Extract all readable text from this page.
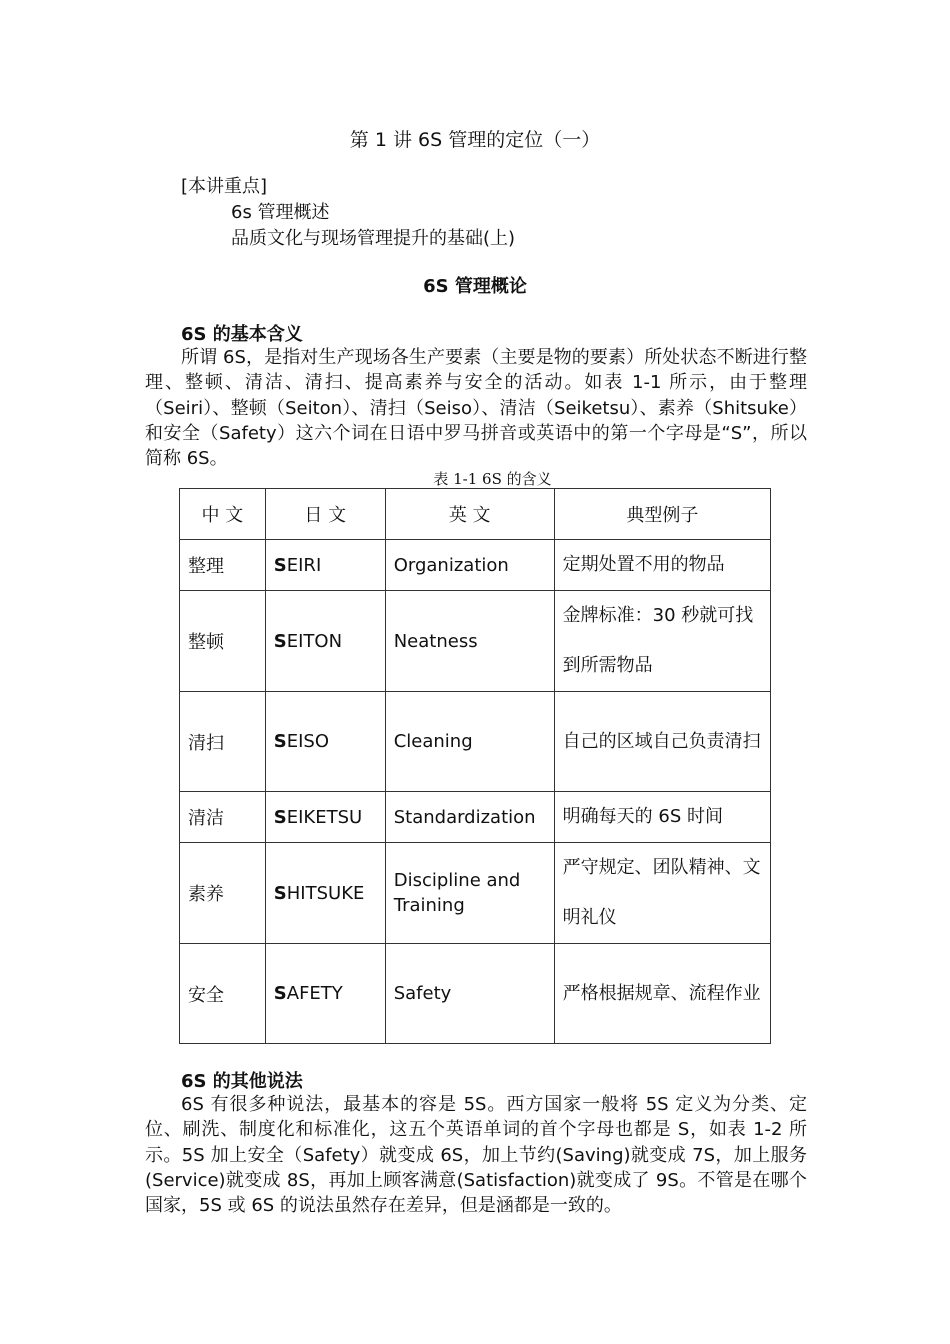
第 1 讲 6S 管理的定位（一）
[本讲重点]
6s 管理概述
品质文化与现场管理提升的基础(上)
6S 管理概论
6S 的基本含义

所谓 6S，是指对生产现场各生产要素（主要是物的要素）所处状态不断进行整理、整顿、清洁、清扫、提高素养与安全的活动。如表 1-1 所示，由于整理（Seiri）、整顿（Seiton）、清扫（Seiso）、清洁（Seiketsu）、素养（Shitsuke）和安全（Safety）这六个词在日语中罗马拼音或英语中的第一个字母是“S”，所以简称 6S。

表 1-1 6S 的含义
中 文	日 文	英 文	典型例子
整理	SEIRI	Organization	定期处置不用的物品
整顿	SEITON	Neatness	金牌标准：30 秒就可找到所需物品
清扫	SEISO	Cleaning	自己的区域自己负责清扫
清洁	SEIKETSU	Standardization	明确每天的 6S 时间
素养	SHITSUKE	Discipline and Training	严守规定、团队精神、文明礼仪
安全	SAFETY	Safety	严格根据规章、流程作业
6S 的其他说法

6S 有很多种说法，最基本的容是 5S。西方国家一般将 5S 定义为分类、定位、刷洗、制度化和标准化，这五个英语单词的首个字母也都是 S，如表 1-2 所示。5S 加上安全（Safety）就变成 6S，加上节约(Saving)就变成 7S，加上服务(Service)就变成 8S，再加上顾客满意(Satisfaction)就变成了 9S。不管是在哪个国家，5S 或 6S 的说法虽然存在差异，但是涵都是一致的。
